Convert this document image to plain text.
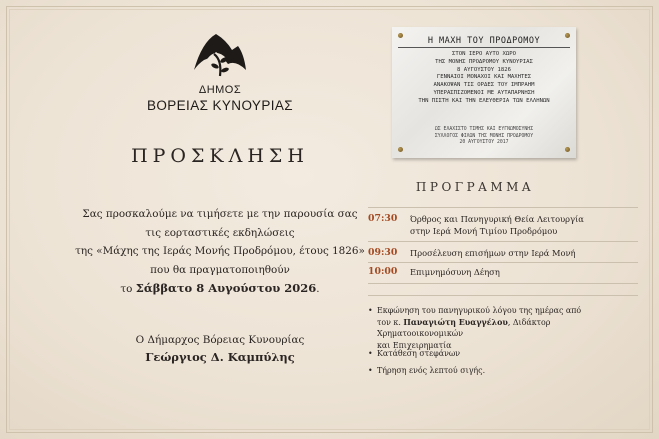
ΔΗΜΟΣ
ΒΟΡΕΙΑΣ ΚΥΝΟΥΡΙΑΣ
ΠΡΟΣΚΛΗΣΗ
Σας προσκαλούμε να τιμήσετε με την παρουσία σας
τις εορταστικές εκδηλώσεις
της «Μάχης της Ιεράς Μονής Προδρόμου, έτους 1826»
που θα πραγματοποιηθούν
το Σάββατο 8 Αυγούστου 2026.
Ο Δήμαρχος Βόρειας Κυνουρίας
Γεώργιος Δ. Καμπύλης
Η ΜΑΧΗ ΤΟΥ ΠΡΟΔΡΟΜΟΥ
ΣΤΟΝ ΙΕΡΟ ΑΥΤΟ ΧΩΡΟ
ΤΗΣ ΜΟΝΗΣ ΠΡΟΔΡΟΜΟΥ ΚΥΝΟΥΡΙΑΣ
8 ΑΥΓΟΥΣΤΟΥ 1826
ΓΕΝΝΑΙΟΙ ΜΟΝΑΧΟΙ ΚΑΙ ΜΑΧΗΤΕΣ
ΑΝΑΚΟΨΑΝ ΤΙΣ ΟΡΔΕΣ ΤΟΥ ΙΜΠΡΑΗΜ
ΥΠΕΡΑΣΠΙΖΟΜΕΝΟΙ ΜΕ ΑΥΤΑΠΑΡΝΗΣΗ
ΤΗΝ ΠΙΣΤΗ ΚΑΙ ΤΗΝ ΕΛΕΥΘΕΡΙΑ ΤΩΝ ΕΛΛΗΝΩΝ
ΩΣ ΕΛΑΧΙΣΤΟ ΤΙΜΗΣ ΚΑΙ ΕΥΓΝΩΜΟΣΥΝΗΣ
ΣΥΛΛΟΓΟΣ ΦΙΛΩΝ ΤΗΣ ΜΟΝΗΣ ΠΡΟΔΡΟΜΟΥ
20 ΑΥΓΟΥΣΤΟΥ 2017
ΠΡΟΓΡΑΜΜΑ
07:30 Όρθρος και Πανηγυρική Θεία Λειτουργία
στην Ιερά Μονή Τιμίου Προδρόμου
09:30 Προσέλευση επισήμων στην Ιερά Μονή
10:00 Επιμνημόσυνη Δέηση
• Εκφώνηση του πανηγυρικού λόγου της ημέρας από
τον κ. Παναγιώτη Ευαγγέλου, Διδάκτορ Χρηματοοικονομικών
και Επιχειρηματία
• Κατάθεση στεφάνων
• Τήρηση ενός λεπτού σιγής.
